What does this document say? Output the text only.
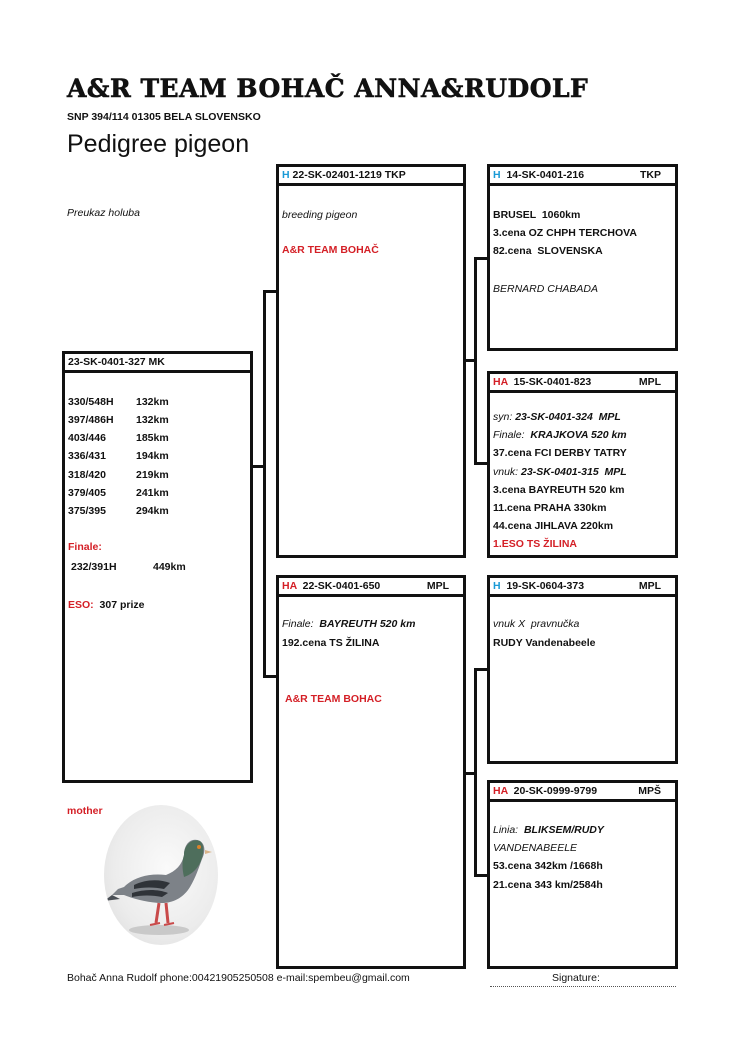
A&R TEAM BOHAČ ANNA&RUDOLF
SNP 394/114 01305 BELA SLOVENSKO
Pedigree pigeon
Preukaz holuba
23-SK-0401-327 MK
330/548H 132km
397/486H 132km
403/446	185km
336/431	194km
318/420	219km
379/405	241km
375/395	294km
Finale:
232/391H	449km
ESO: 307 prize
mother
H 22-SK-02401-1219 TKP
breeding pigeon
A&R TEAM BOHAČ
HA 22-SK-0401-650	MPL
Finale: BAYREUTH 520 km
192.cena TS ŽILINA
A&R TEAM BOHAC
H 14-SK-0401-216	TKP
BRUSEL  1060km
3.cena OZ CHPH TERCHOVA
82.cena  SLOVENSKA
BERNARD CHABADA
HA 15-SK-0401-823	MPL
syn: 23-SK-0401-324  MPL
Finale: KRAJKOVA 520 km
37.cena FCI DERBY TATRY
vnuk: 23-SK-0401-315  MPL
3.cena BAYREUTH 520 km
11.cena PRAHA 330km
44.cena JIHLAVA 220km
1.ESO TS ŽILINA
H 19-SK-0604-373	MPL
vnuk X  pravnučka
RUDY Vandenabeele
HA 20-SK-0999-9799	MPŠ
Linia: BLIKSEM/RUDY
VANDENABEELE
53.cena 342km /1668h
21.cena 343 km/2584h
Bohač Anna Rudolf phone:00421905250508 e-mail:spembeu@gmail.com	Signature:
